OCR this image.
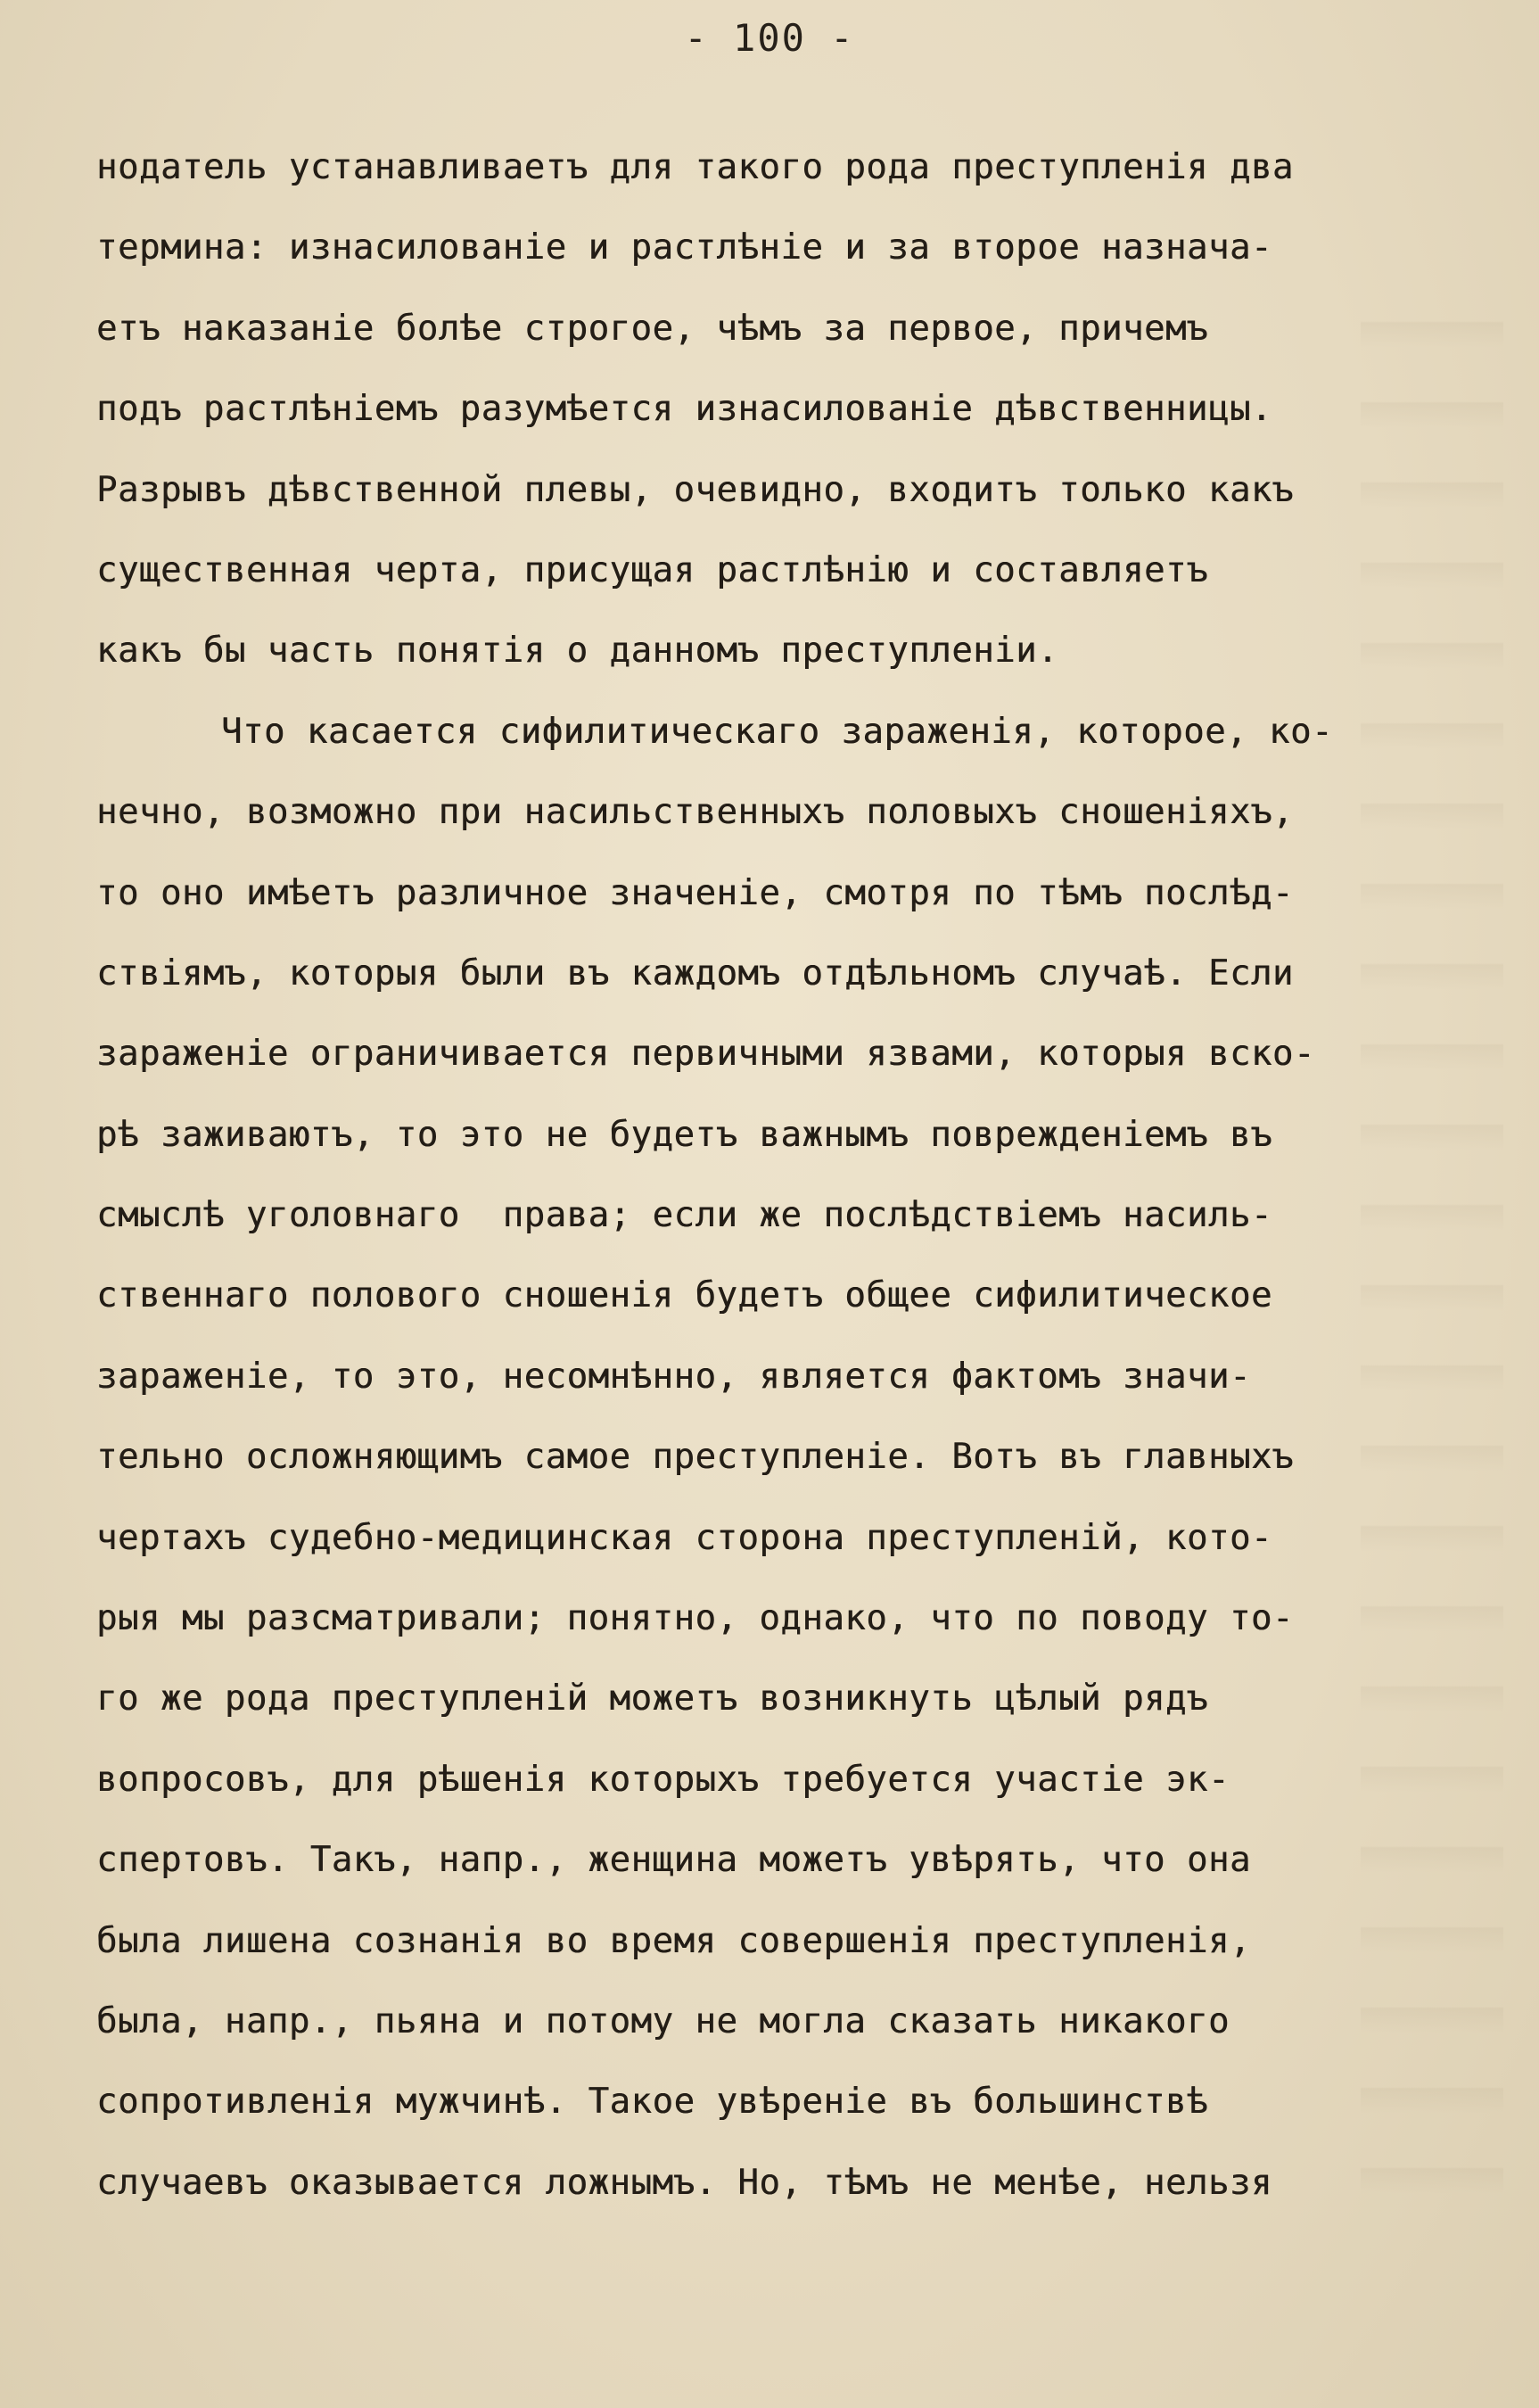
- 100 -
нодатель устанавливаетъ для такого рода преступленія два
термина: изнасилованіе и растлѣніе и за второе назнача-
етъ наказаніе болѣе строгое, чѣмъ за первое, причемъ
подъ растлѣніемъ разумѣется изнасилованіе дѣвственницы.
Разрывъ дѣвственной плевы, очевидно, входитъ только какъ
существенная черта, присущая растлѣнію и составляетъ
какъ бы часть понятія о данномъ преступленіи.
Что касается сифилитическаго зараженія, которое, ко-
нечно, возможно при насильственныхъ половыхъ сношеніяхъ,
то оно имѣетъ различное значеніе, смотря по тѣмъ послѣд-
ствіямъ, которыя были въ каждомъ отдѣльномъ случаѣ. Если
зараженіе ограничивается первичными язвами, которыя вско-
рѣ заживаютъ, то это не будетъ важнымъ поврежденіемъ въ
смыслѣ уголовнаго  права; если же послѣдствіемъ насиль-
ственнаго полового сношенія будетъ общее сифилитическое
зараженіе, то это, несомнѣнно, является фактомъ значи-
тельно осложняющимъ самое преступленіе. Вотъ въ главныхъ
чертахъ судебно-медицинская сторона преступленій, кото-
рыя мы разсматривали; понятно, однако, что по поводу то-
го же рода преступленій можетъ возникнуть цѣлый рядъ
вопросовъ, для рѣшенія которыхъ требуется участіе эк-
спертовъ. Такъ, напр., женщина можетъ увѣрять, что она
была лишена сознанія во время совершенія преступленія,
была, напр., пьяна и потому не могла сказать никакого
сопротивленія мужчинѣ. Такое увѣреніе въ большинствѣ
случаевъ оказывается ложнымъ. Но, тѣмъ не менѣе, нельзя
